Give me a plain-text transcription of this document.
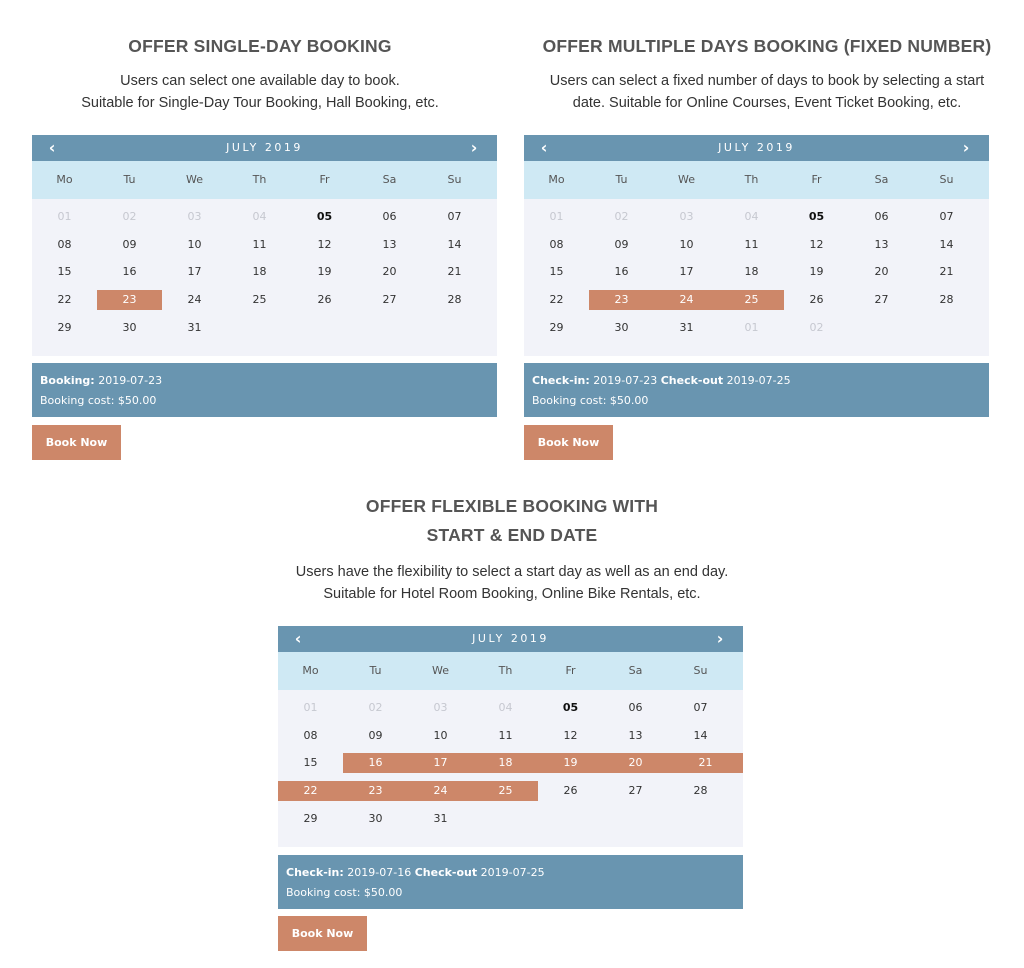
OFFER SINGLE-DAY BOOKING
Users can select one available day to book.
Suitable for Single-Day Tour Booking, Hall Booking, etc.
‹	JULY 2019	›
Mo	Tu	We	Th	Fr	Sa	Su
01	02	03	04	05	06	07
08	09	10	11	12	13	14
15	16	17	18	19	20	21
22	23	24	25	26	27	28
29	30	31
Booking: 2019-07-23
Booking cost: $50.00
Book Now
OFFER MULTIPLE DAYS BOOKING (FIXED NUMBER)
Users can select a fixed number of days to book by selecting a start
date. Suitable for Online Courses, Event Ticket Booking, etc.
‹	JULY 2019	›
Mo	Tu	We	Th	Fr	Sa	Su
01	02	03	04	05	06	07
08	09	10	11	12	13	14
15	16	17	18	19	20	21
22	23	24	25	26	27	28
29	30	31	01	02
Check-in: 2019-07-23 Check-out 2019-07-25
Booking cost: $50.00
Book Now
OFFER FLEXIBLE BOOKING WITH
START & END DATE
Users have the flexibility to select a start day as well as an end day.
Suitable for Hotel Room Booking, Online Bike Rentals, etc.
‹	JULY 2019	›
Mo	Tu	We	Th	Fr	Sa	Su
01	02	03	04	05	06	07
08	09	10	11	12	13	14
15	16	17	18	19	20	21
22	23	24	25	26	27	28
29	30	31
Check-in: 2019-07-16 Check-out 2019-07-25
Booking cost: $50.00
Book Now
